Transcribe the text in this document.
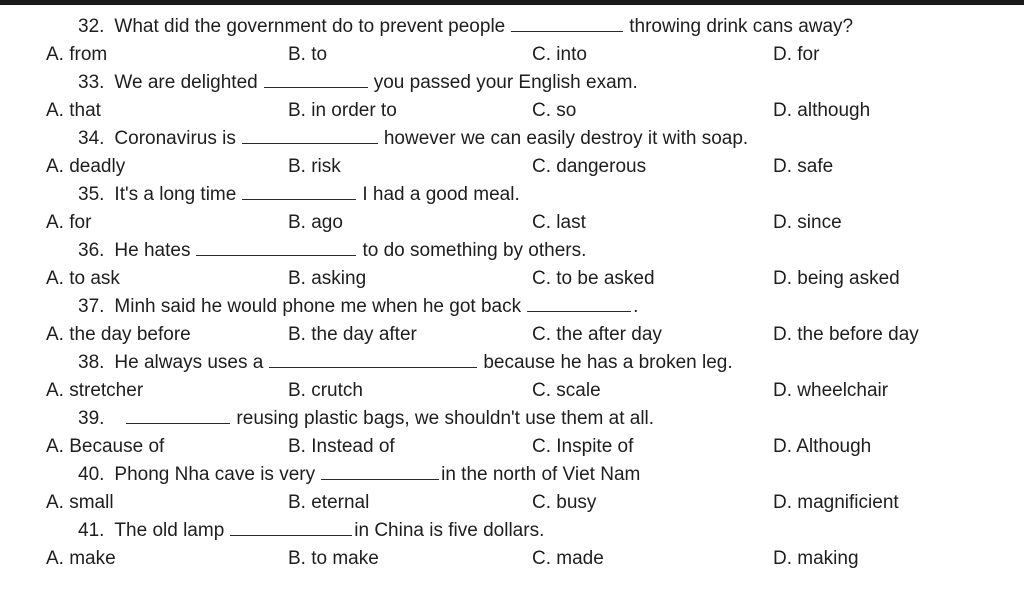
32. What did the government do to prevent people	throwing drink cans away?
A. from	B. to	C. into	D. for
33. We are delighted	you passed your English exam.
A. that	B. in order to	C. so	D. although
34. Coronavirus is	however we can easily destroy it with soap.
A. deadly	B. risk	C. dangerous	D. safe
35. It's a long time	I had a good meal.
A. for	B. ago	C. last	D. since
36. He hates	to do something by others.
A. to ask	B. asking	C. to be asked	D. being asked
37. Minh said he would phone me when he got back	.
A. the day before	B. the day after	C. the after day	D. the before day
38. He always uses a	because he has a broken leg.
A. stretcher	B. crutch	C. scale	D. wheelchair
39.	reusing plastic bags, we shouldn't use them at all.
A. Because of	B. Instead of	C. Inspite of	D. Although
40. Phong Nha cave is very	in the north of Viet Nam
A. small	B. eternal	C. busy	D. magnificient
41. The old lamp	in China is five dollars.
A. make	B. to make	C. made	D. making
